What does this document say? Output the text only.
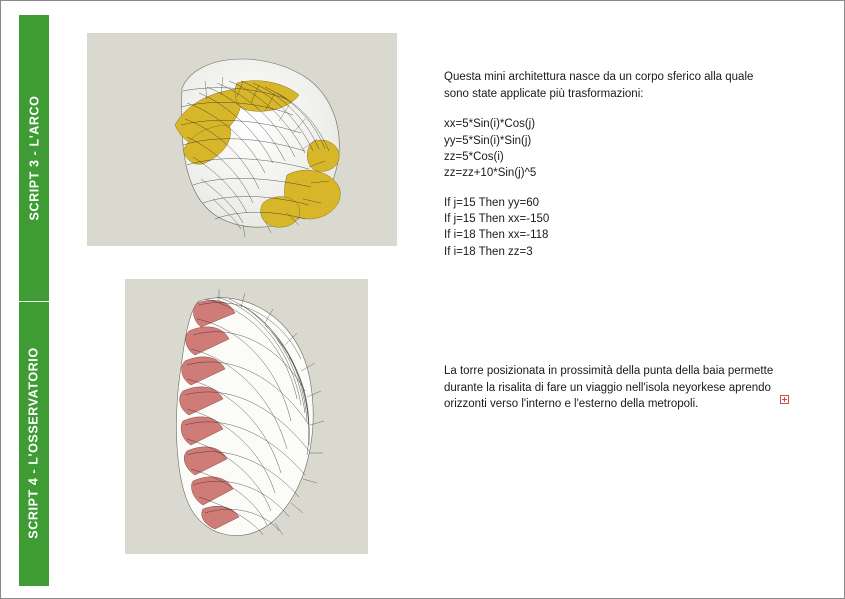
SCRIPT 3 - L'ARCO
SCRIPT 4 - L'OSSERVATORIO
Questa mini architettura nasce da un corpo sferico alla quale sono state applicate più trasformazioni:
xx=5*Sin(i)*Cos(j)
yy=5*Sin(i)*Sin(j)
zz=5*Cos(i)
zz=zz+10*Sin(j)^5
If j=15 Then yy=60
If j=15 Then xx=-150
If i=18 Then xx=-118
If i=18 Then zz=3
La torre posizionata in prossimità della punta della baia permette durante la risalita di fare un viaggio nell'isola neyorkese aprendo orizzonti verso l'interno e l'esterno della metropoli.
